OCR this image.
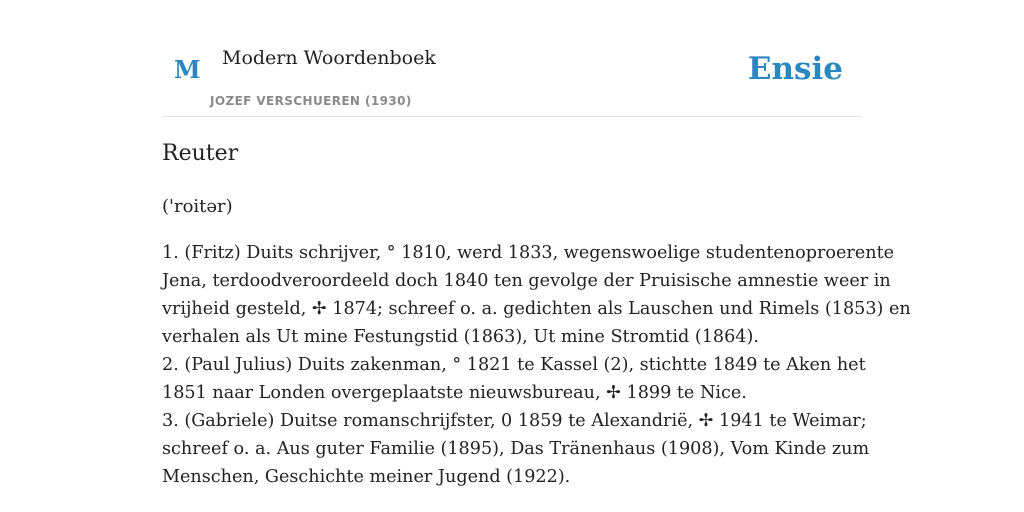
M Modern Woordenboek
JOZEF VERSCHUEREN (1930)
Ensie
Reuter
('roitər)
1. (Fritz) Duits schrijver, ° 1810, werd 1833, wegenswoelige studentenoproerente
Jena, terdoodveroordeeld doch 1840 ten gevolge der Pruisische amnestie weer in
vrijheid gesteld, ✢ 1874; schreef o. a. gedichten als Lauschen und Rimels (1853) en
verhalen als Ut mine Festungstid (1863), Ut mine Stromtid (1864).
2. (Paul Julius) Duits zakenman, ° 1821 te Kassel (2), stichtte 1849 te Aken het
1851 naar Londen overgeplaatste nieuwsbureau, ✢ 1899 te Nice.
3. (Gabriele) Duitse romanschrijfster, 0 1859 te Alexandrië, ✢ 1941 te Weimar;
schreef o. a. Aus guter Familie (1895), Das Tränenhaus (1908), Vom Kinde zum
Menschen, Geschichte meiner Jugend (1922).
